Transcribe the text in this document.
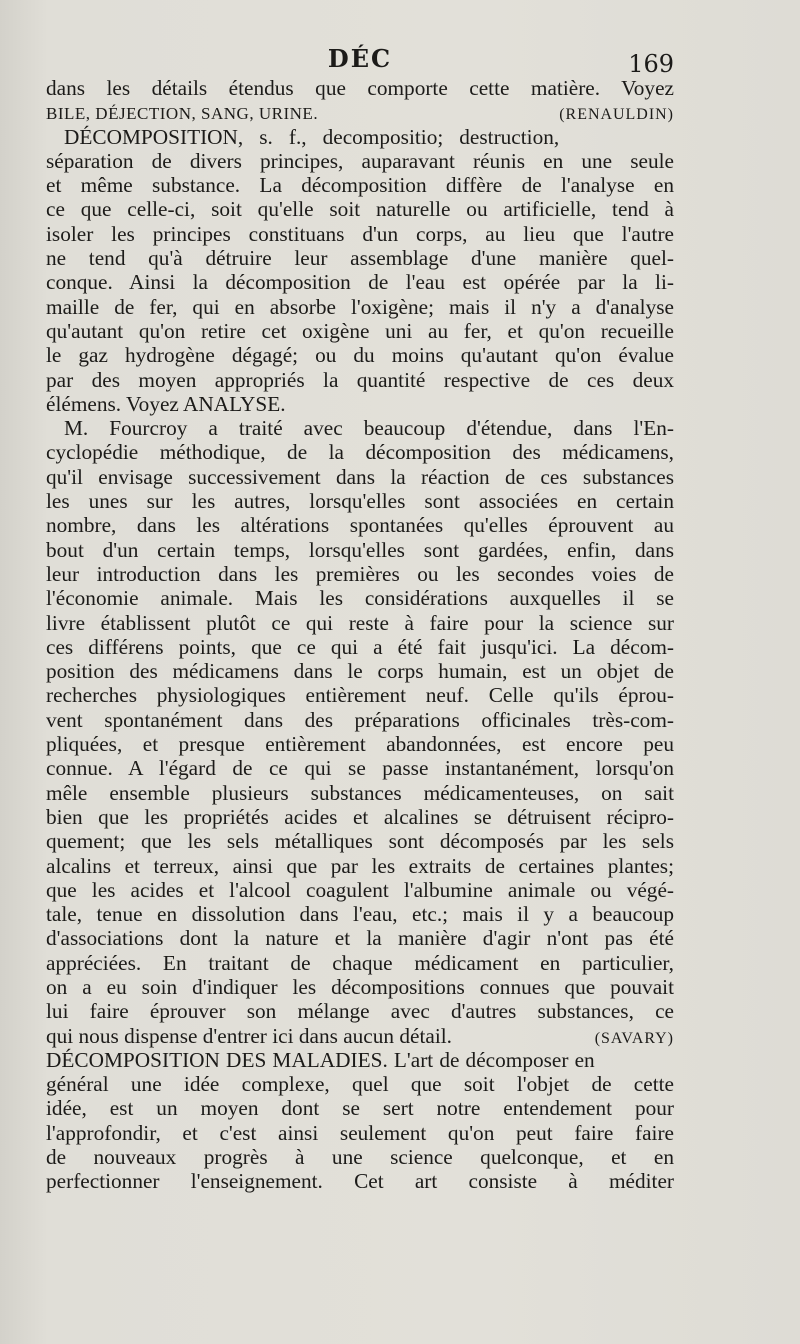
DÉC	169
dans les détails étendus que comporte cette matière. Voyez
BILE, DÉJECTION, SANG, URINE.	(RENAULDIN)
DÉCOMPOSITION, s. f., decompositio; destruction,
séparation de divers principes, auparavant réunis en une seule
et même substance. La décomposition diffère de l'analyse en
ce que celle-ci, soit qu'elle soit naturelle ou artificielle, tend à
isoler les principes constituans d'un corps, au lieu que l'autre
ne tend qu'à détruire leur assemblage d'une manière quel-
conque. Ainsi la décomposition de l'eau est opérée par la li-
maille de fer, qui en absorbe l'oxigène; mais il n'y a d'analyse
qu'autant qu'on retire cet oxigène uni au fer, et qu'on recueille
le gaz hydrogène dégagé; ou du moins qu'autant qu'on évalue
par des moyen appropriés la quantité respective de ces deux
élémens. Voyez ANALYSE.
M. Fourcroy a traité avec beaucoup d'étendue, dans l'En-
cyclopédie méthodique, de la décomposition des médicamens,
qu'il envisage successivement dans la réaction de ces substances
les unes sur les autres, lorsqu'elles sont associées en certain
nombre, dans les altérations spontanées qu'elles éprouvent au
bout d'un certain temps, lorsqu'elles sont gardées, enfin, dans
leur introduction dans les premières ou les secondes voies de
l'économie animale. Mais les considérations auxquelles il se
livre établissent plutôt ce qui reste à faire pour la science sur
ces différens points, que ce qui a été fait jusqu'ici. La décom-
position des médicamens dans le corps humain, est un objet de
recherches physiologiques entièrement neuf. Celle qu'ils éprou-
vent spontanément dans des préparations officinales très-com-
pliquées, et presque entièrement abandonnées, est encore peu
connue. A l'égard de ce qui se passe instantanément, lorsqu'on
mêle ensemble plusieurs substances médicamenteuses, on sait
bien que les propriétés acides et alcalines se détruisent récipro-
quement; que les sels métalliques sont décomposés par les sels
alcalins et terreux, ainsi que par les extraits de certaines plantes;
que les acides et l'alcool coagulent l'albumine animale ou végé-
tale, tenue en dissolution dans l'eau, etc.; mais il y a beaucoup
d'associations dont la nature et la manière d'agir n'ont pas été
appréciées. En traitant de chaque médicament en particulier,
on a eu soin d'indiquer les décompositions connues que pouvait
lui faire éprouver son mélange avec d'autres substances, ce
qui nous dispense d'entrer ici dans aucun détail.	(SAVARY)
DÉCOMPOSITION DES MALADIES. L'art de décomposer en
général une idée complexe, quel que soit l'objet de cette
idée, est un moyen dont se sert notre entendement pour
l'approfondir, et c'est ainsi seulement qu'on peut faire faire
de nouveaux progrès à une science quelconque, et en
perfectionner l'enseignement. Cet art consiste à méditer
